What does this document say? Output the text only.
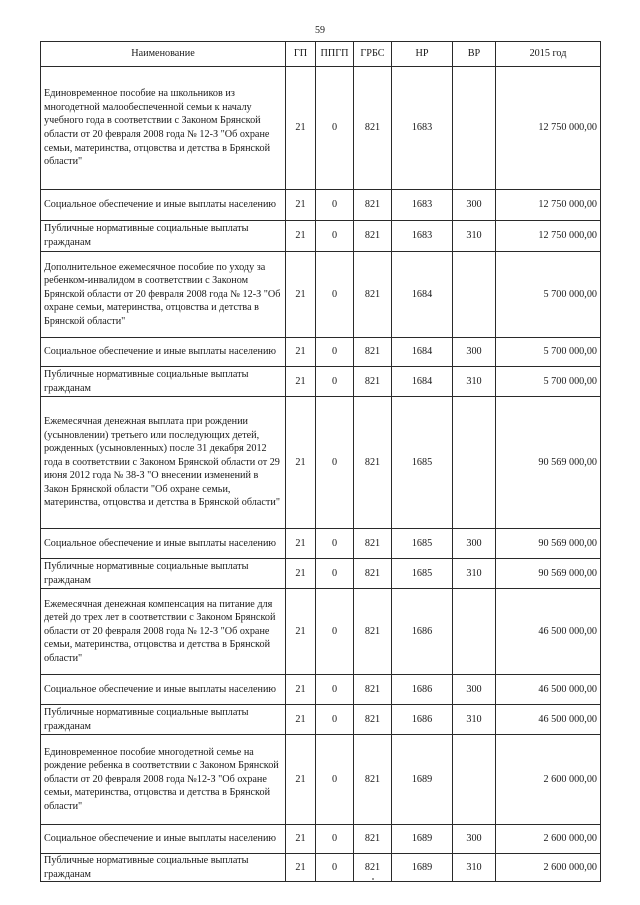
59
Наименование	ГП	ППГП	ГРБС	НР	ВР	2015 год
Единовременное пособие на школьников из многодетной малообеспеченной семьи к началу учебного года в соответствии с Законом Брянской области от 20 февраля 2008 года № 12-З "Об охране семьи, материнства, отцовства и детства в Брянской области"	21	0	821	1683		12 750 000,00
Социальное обеспечение и иные выплаты населению	21	0	821	1683	300	12 750 000,00
Публичные нормативные социальные выплаты гражданам	21	0	821	1683	310	12 750 000,00
Дополнительное ежемесячное пособие по уходу за ребенком-инвалидом в соответствии с Законом Брянской области от 20 февраля 2008 года № 12-З "Об охране семьи, материнства, отцовства и детства в Брянской области"	21	0	821	1684		5 700 000,00
Социальное обеспечение и иные выплаты населению	21	0	821	1684	300	5 700 000,00
Публичные нормативные социальные выплаты гражданам	21	0	821	1684	310	5 700 000,00
Ежемесячная денежная выплата при рождении (усыновлении) третьего или последующих детей, рожденных (усыновленных) после 31 декабря 2012 года в соответствии с Законом Брянской области от 29 июня 2012 года № 38-З "О внесении изменений в Закон Брянской области "Об охране семьи, материнства, отцовства и детства в Брянской области"	21	0	821	1685		90 569 000,00
Социальное обеспечение и иные выплаты населению	21	0	821	1685	300	90 569 000,00
Публичные нормативные социальные выплаты гражданам	21	0	821	1685	310	90 569 000,00
Ежемесячная денежная компенсация на питание для детей до трех лет в соответствии с Законом Брянской области от 20 февраля 2008 года № 12-З "Об охране семьи, материнства, отцовства и детства в Брянской области"	21	0	821	1686		46 500 000,00
Социальное обеспечение и иные выплаты населению	21	0	821	1686	300	46 500 000,00
Публичные нормативные социальные выплаты гражданам	21	0	821	1686	310	46 500 000,00
Единовременное пособие многодетной семье на рождение ребенка в соответствии с Законом Брянской области от 20 февраля 2008 года №12-З "Об охране семьи, материнства, отцовства и детства в Брянской области"	21	0	821	1689		2 600 000,00
Социальное обеспечение и иные выплаты населению	21	0	821	1689	300	2 600 000,00
Публичные нормативные социальные выплаты гражданам	21	0	821	1689	310	2 600 000,00
